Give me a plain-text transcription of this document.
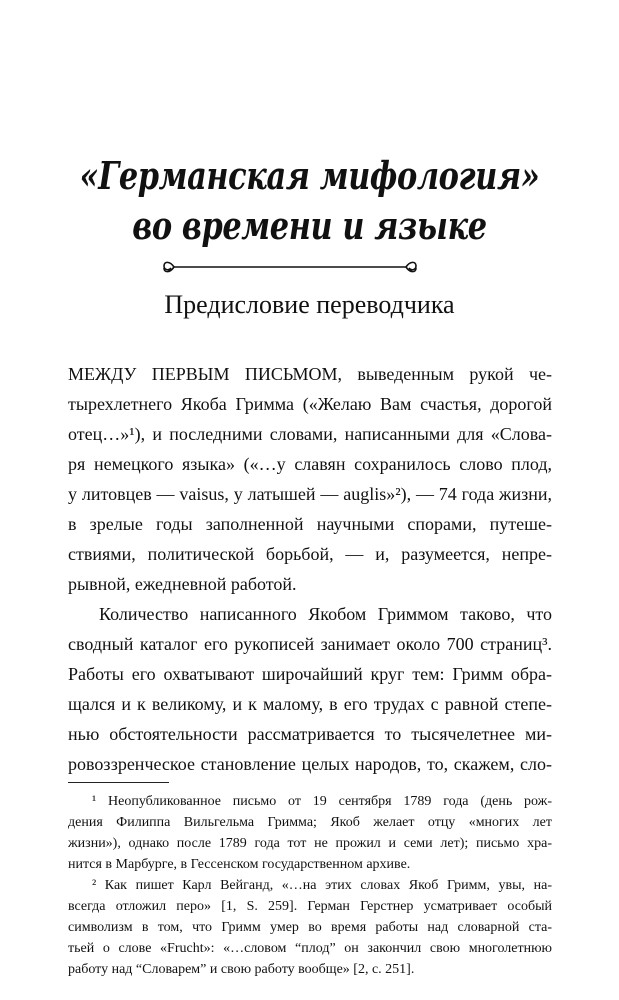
«Германская мифология»
во времени и языке
Предисловие переводчика
МЕЖДУ ПЕРВЫМ ПИСЬМОМ, выведенным рукой че-
тырехлетнего Якоба Гримма («Желаю Вам счастья, дорогой
отец…»¹), и последними словами, написанными для «Слова-
ря немецкого языка» («…у славян сохранилось слово плод,
у литовцев — vaisus, у латышей — auglis»²), — 74 года жизни,
в зрелые годы заполненной научными спорами, путеше-
ствиями, политической борьбой, — и, разумеется, непре-
рывной, ежедневной работой.
Количество написанного Якобом Гриммом таково, что
сводный каталог его рукописей занимает около 700 страниц³.
Работы его охватывают широчайший круг тем: Гримм обра-
щался и к великому, и к малому, в его трудах с равной степе-
нью обстоятельности рассматривается то тысячелетнее ми-
ровоззренческое становление целых народов, то, скажем, сло-
¹ Неопубликованное письмо от 19 сентября 1789 года (день рож-
дения Филиппа Вильгельма Гримма; Якоб желает отцу «многих лет
жизни»), однако после 1789 года тот не прожил и семи лет); письмо хра-
нится в Марбурге, в Гессенском государственном архиве.
² Как пишет Карл Вейганд, «…на этих словах Якоб Гримм, увы, на-
всегда отложил перо» [1, S. 259]. Герман Герстнер усматривает особый
символизм в том, что Гримм умер во время работы над словарной ста-
тьей о слове «Frucht»: «…словом “плод” он закончил свою многолетнюю
работу над “Словарем” и свою работу вообще» [2, с. 251].
